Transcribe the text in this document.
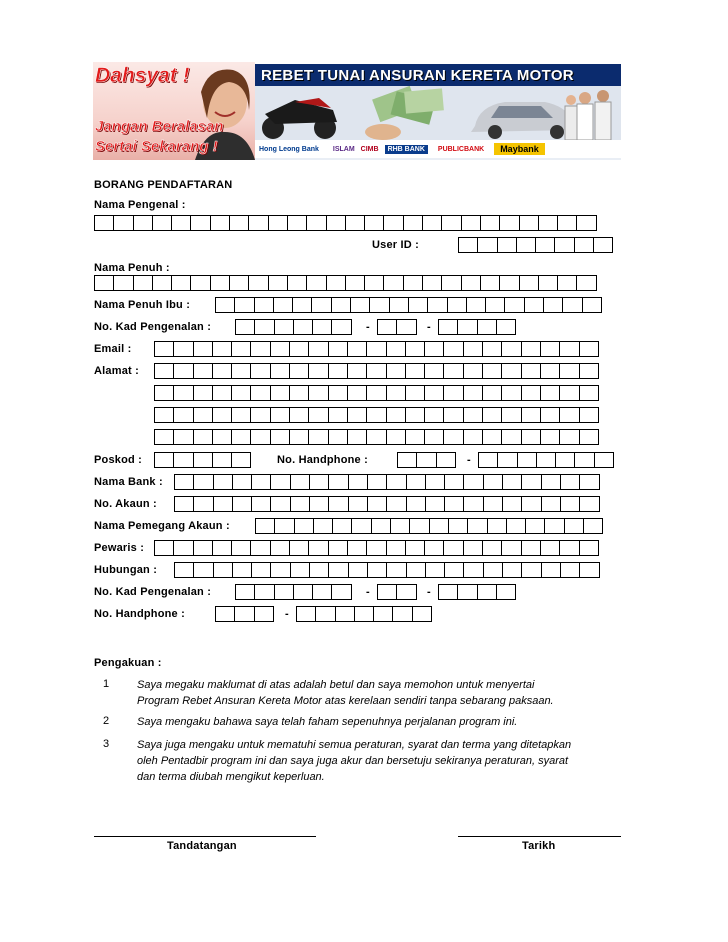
Dahsyat !
Jangan Beralasan
Sertai Sekarang !
REBET TUNAI ANSURAN KERETA MOTOR
Hong Leong Bank ISLAM CIMB	RHB BANK	PUBLICBANK	Maybank
BORANG PENDAFTARAN
Nama Pengenal :
User ID :
Nama Penuh :
Nama Penuh Ibu :
No. Kad Pengenalan :	-	-
Email :
Alamat :
Poskod :	No. Handphone :	-
Nama Bank :
No. Akaun :
Nama Pemegang Akaun :
Pewaris :
Hubungan :
No. Kad Pengenalan :	-	-
No. Handphone :	-
Pengakuan :
1	Saya megaku maklumat di atas adalah betul dan saya memohon untuk menyertai
Program Rebet Ansuran Kereta Motor atas kerelaan sendiri tanpa sebarang paksaan.
2	Saya mengaku bahawa saya telah faham sepenuhnya perjalanan program ini.
3	Saya juga mengaku untuk mematuhi semua peraturan, syarat dan terma yang ditetapkan
oleh Pentadbir program ini dan saya juga akur dan bersetuju sekiranya peraturan, syarat
dan terma diubah mengikut keperluan.
Tandatangan	Tarikh
